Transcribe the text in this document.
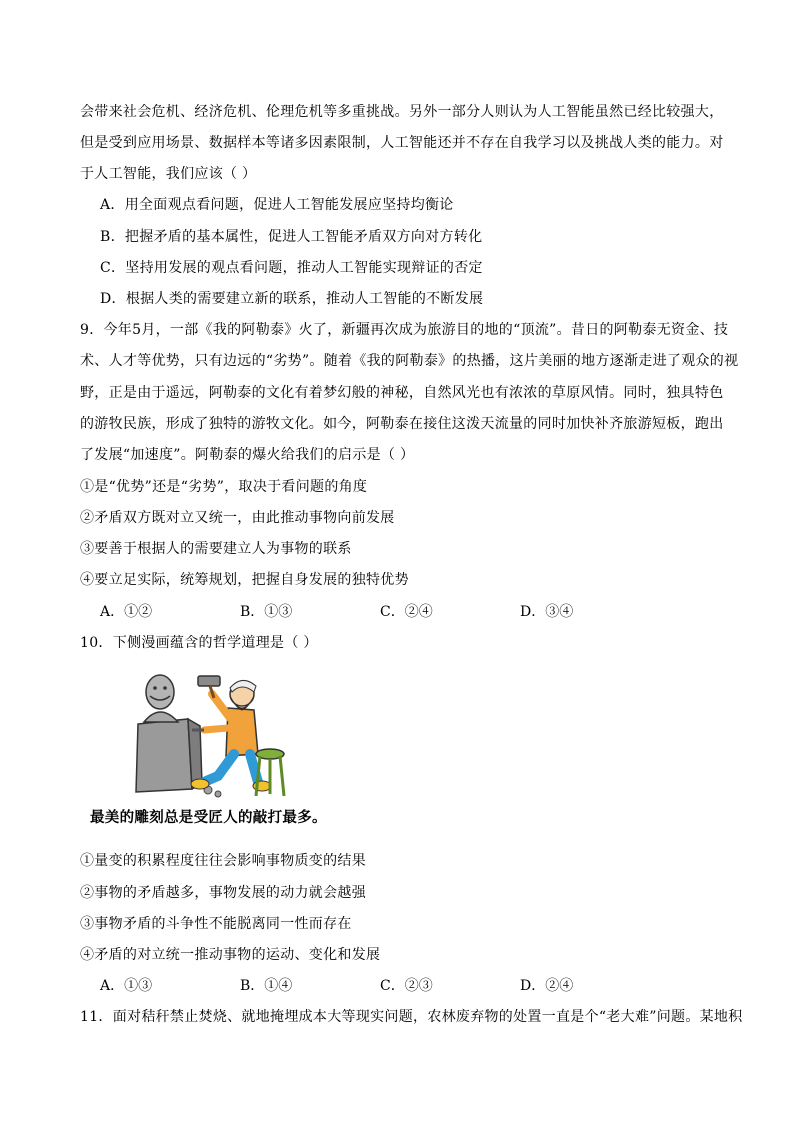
会带来社会危机、经济危机、伦理危机等多重挑战。另外一部分人则认为人工智能虽然已经比较强大，
但是受到应用场景、数据样本等诸多因素限制，人工智能还并不存在自我学习以及挑战人类的能力。对
于人工智能，我们应该（ ）
A．用全面观点看问题，促进人工智能发展应坚持均衡论
B．把握矛盾的基本属性，促进人工智能矛盾双方向对方转化
C．坚持用发展的观点看问题，推动人工智能实现辩证的否定
D．根据人类的需要建立新的联系，推动人工智能的不断发展
9．今年5月，一部《我的阿勒泰》火了，新疆再次成为旅游目的地的“顶流”。昔日的阿勒泰无资金、技
术、人才等优势，只有边远的“劣势”。随着《我的阿勒泰》的热播，这片美丽的地方逐渐走进了观众的视
野，正是由于遥远，阿勒泰的文化有着梦幻般的神秘，自然风光也有浓浓的草原风情。同时，独具特色
的游牧民族，形成了独特的游牧文化。如今，阿勒泰在接住这泼天流量的同时加快补齐旅游短板，跑出
了发展“加速度”。阿勒泰的爆火给我们的启示是（ ）
①是“优势”还是“劣势”，取决于看问题的角度
②矛盾双方既对立又统一，由此推动事物向前发展
③要善于根据人的需要建立人为事物的联系
④要立足实际，统筹规划，把握自身发展的独特优势
A．①②	B．①③	C．②④	D．③④
10．下侧漫画蕴含的哲学道理是（ ）
最美的雕刻总是受匠人的敲打最多。
①量变的积累程度往往会影响事物质变的结果
②事物的矛盾越多，事物发展的动力就会越强
③事物矛盾的斗争性不能脱离同一性而存在
④矛盾的对立统一推动事物的运动、变化和发展
A．①③	B．①④	C．②③	D．②④
11．面对秸秆禁止焚烧、就地掩埋成本大等现实问题，农林废弃物的处置一直是个“老大难”问题。某地积
